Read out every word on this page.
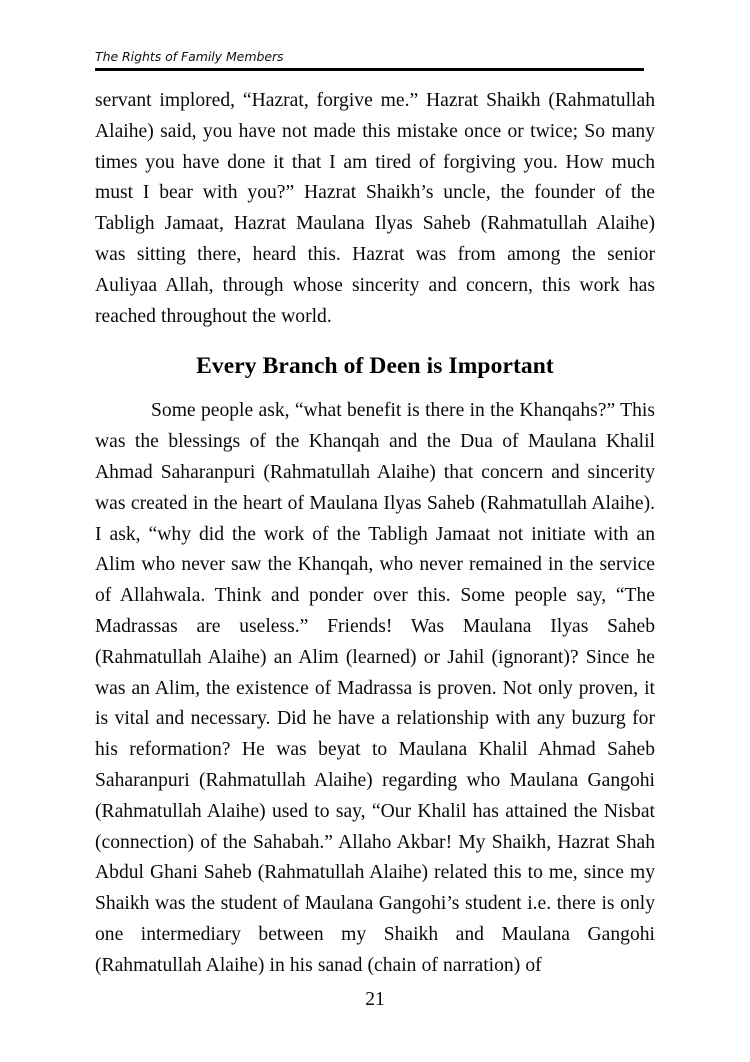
The Rights of Family Members

servant implored, “Hazrat, forgive me.” Hazrat Shaikh (Rahmatullah Alaihe) said, you have not made this mistake once or twice; So many times you have done it that I am tired of forgiving you. How much must I bear with you?” Hazrat Shaikh’s uncle, the founder of the Tabligh Jamaat, Hazrat Maulana Ilyas Saheb (Rahmatullah Alaihe) was sitting there, heard this. Hazrat was from among the senior Auliyaa Allah, through whose sincerity and concern, this work has reached throughout the world.

Every Branch of Deen is Important

Some people ask, “what benefit is there in the Khanqahs?” This was the blessings of the Khanqah and the Dua of Maulana Khalil Ahmad Saharanpuri (Rahmatullah Alaihe) that concern and sincerity was created in the heart of Maulana Ilyas Saheb (Rahmatullah Alaihe). I ask, “why did the work of the Tabligh Jamaat not initiate with an Alim who never saw the Khanqah, who never remained in the service of Allahwala. Think and ponder over this. Some people say, “The Madrassas are useless.” Friends! Was Maulana Ilyas Saheb (Rahmatullah Alaihe) an Alim (learned) or Jahil (ignorant)? Since he was an Alim, the existence of Madrassa is proven. Not only proven, it is vital and necessary. Did he have a relationship with any buzurg for his reformation? He was beyat to Maulana Khalil Ahmad Saheb Saharanpuri (Rahmatullah Alaihe) regarding who Maulana Gangohi (Rahmatullah Alaihe) used to say, “Our Khalil has attained the Nisbat (connection) of the Sahabah.” Allaho Akbar! My Shaikh, Hazrat Shah Abdul Ghani Saheb (Rahmatullah Alaihe) related this to me, since my Shaikh was the student of Maulana Gangohi’s student i.e. there is only one intermediary between my Shaikh and Maulana Gangohi (Rahmatullah Alaihe) in his sanad (chain of narration) of

21
